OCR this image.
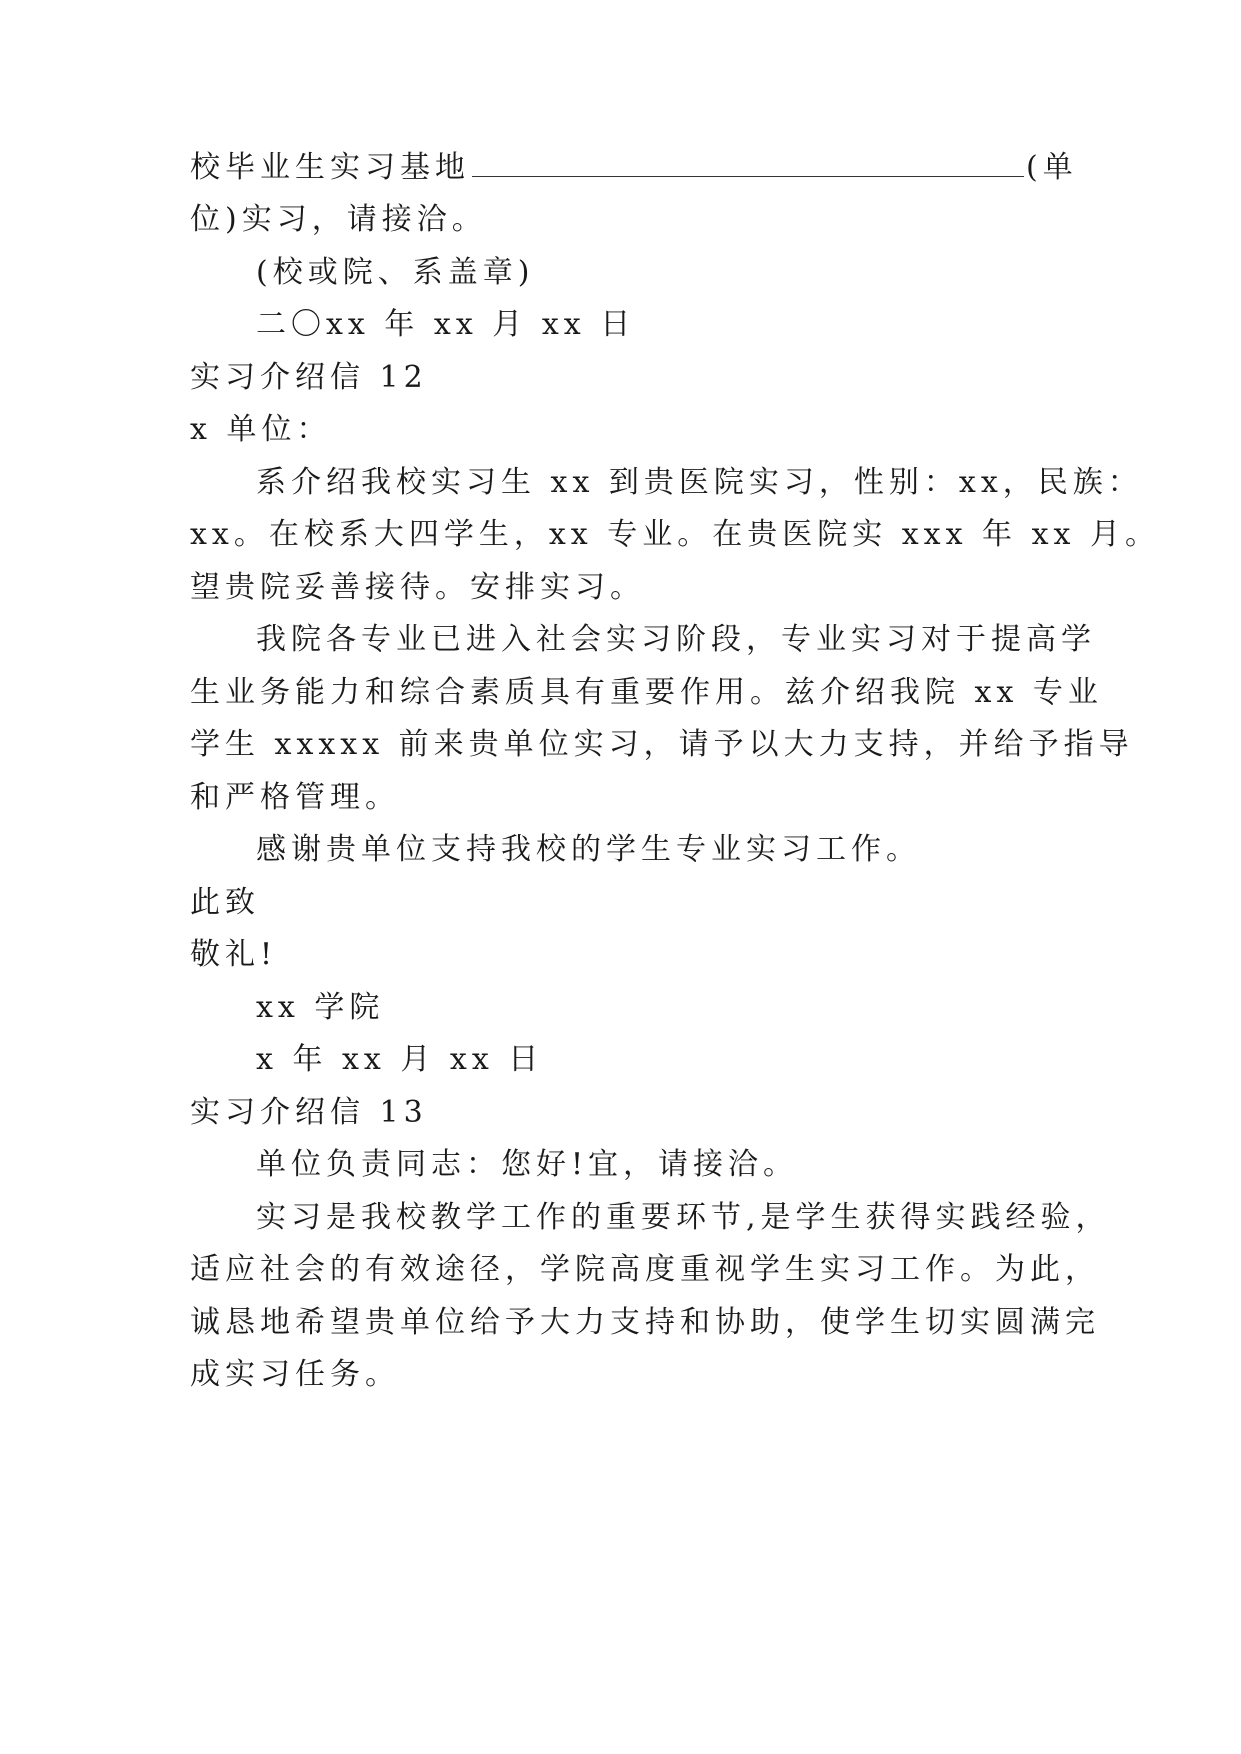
校毕业生实习基地	(单
位)实习，请接洽。
(校或院、系盖章)
二〇xx 年 xx 月 xx 日
实习介绍信 12
x 单位：
系介绍我校实习生 xx 到贵医院实习，性别：xx，民族：
xx。在校系大四学生，xx 专业。在贵医院实 xxx 年 xx 月。
望贵院妥善接待。安排实习。
我院各专业已进入社会实习阶段，专业实习对于提高学
生业务能力和综合素质具有重要作用。兹介绍我院 xx 专业
学生 xxxxx 前来贵单位实习，请予以大力支持，并给予指导
和严格管理。
感谢贵单位支持我校的学生专业实习工作。
此致
敬礼!
xx 学院
x 年 xx 月 xx 日
实习介绍信 13
单位负责同志：您好!宜，请接洽。
实习是我校教学工作的重要环节,是学生获得实践经验，
适应社会的有效途径，学院高度重视学生实习工作。为此，
诚恳地希望贵单位给予大力支持和协助，使学生切实圆满完
成实习任务。
